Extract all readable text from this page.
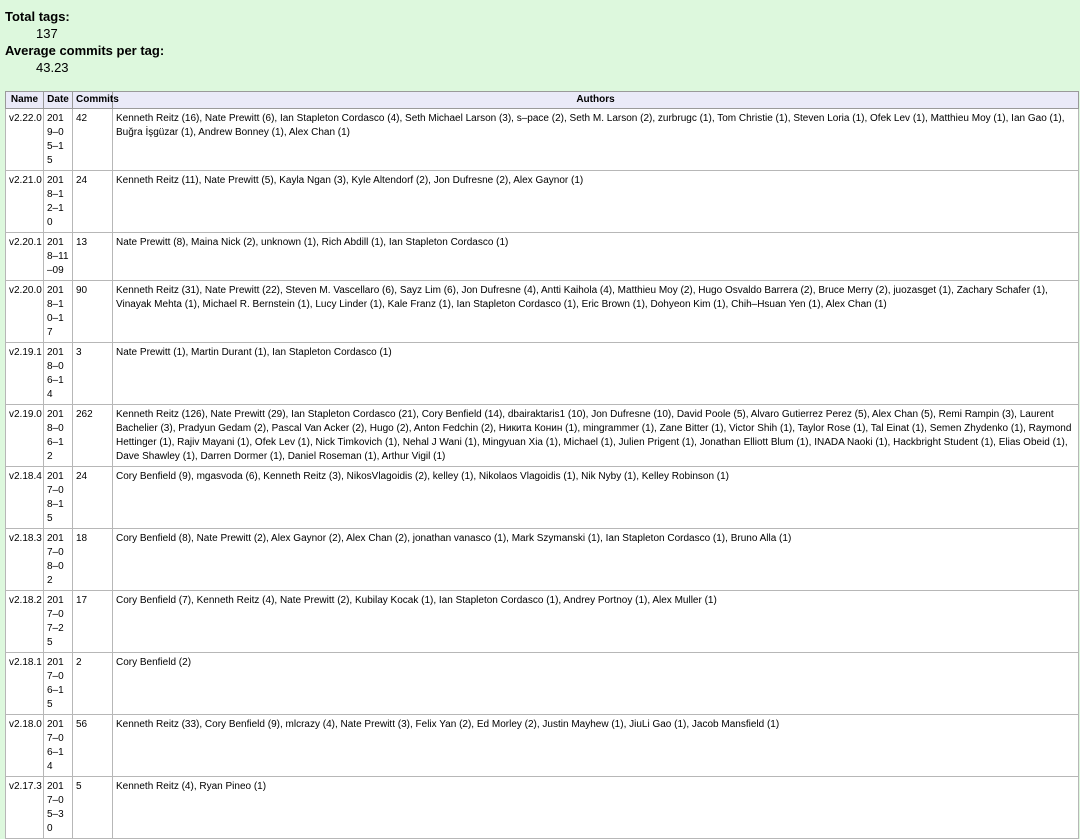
Total tags:
137
Average commits per tag:
43.23
Name	Date	Commits	Authors
v2.22.0	2019–05–15	42	Kenneth Reitz (16), Nate Prewitt (6), Ian Stapleton Cordasco (4), Seth Michael Larson (3), s–pace (2), Seth M. Larson (2), zurbrugc (1), Tom Christie (1), Steven Loria (1), Ofek Lev (1), Matthieu Moy (1), Ian Gao (1), Buğra İşgüzar (1), Andrew Bonney (1), Alex Chan (1)
v2.21.0	2018–12–10	24	Kenneth Reitz (11), Nate Prewitt (5), Kayla Ngan (3), Kyle Altendorf (2), Jon Dufresne (2), Alex Gaynor (1)
v2.20.1	2018–11–09	13	Nate Prewitt (8), Maina Nick (2), unknown (1), Rich Abdill (1), Ian Stapleton Cordasco (1)
v2.20.0	2018–10–17	90	Kenneth Reitz (31), Nate Prewitt (22), Steven M. Vascellaro (6), Sayz Lim (6), Jon Dufresne (4), Antti Kaihola (4), Matthieu Moy (2), Hugo Osvaldo Barrera (2), Bruce Merry (2), juozasget (1), Zachary Schafer (1), Vinayak Mehta (1), Michael R. Bernstein (1), Lucy Linder (1), Kale Franz (1), Ian Stapleton Cordasco (1), Eric Brown (1), Dohyeon Kim (1), Chih–Hsuan Yen (1), Alex Chan (1)
v2.19.1	2018–06–14	3	Nate Prewitt (1), Martin Durant (1), Ian Stapleton Cordasco (1)
v2.19.0	2018–06–12	262	Kenneth Reitz (126), Nate Prewitt (29), Ian Stapleton Cordasco (21), Cory Benfield (14), dbairaktaris1 (10), Jon Dufresne (10), David Poole (5), Alvaro Gutierrez Perez (5), Alex Chan (5), Remi Rampin (3), Laurent Bachelier (3), Pradyun Gedam (2), Pascal Van Acker (2), Hugo (2), Anton Fedchin (2), Никита Конин (1), mingrammer (1), Zane Bitter (1), Victor Shih (1), Taylor Rose (1), Tal Einat (1), Semen Zhydenko (1), Raymond Hettinger (1), Rajiv Mayani (1), Ofek Lev (1), Nick Timkovich (1), Nehal J Wani (1), Mingyuan Xia (1), Michael (1), Julien Prigent (1), Jonathan Elliott Blum (1), INADA Naoki (1), Hackbright Student (1), Elias Obeid (1), Dave Shawley (1), Darren Dormer (1), Daniel Roseman (1), Arthur Vigil (1)
v2.18.4	2017–08–15	24	Cory Benfield (9), mgasvoda (6), Kenneth Reitz (3), NikosVlagoidis (2), kelley (1), Nikolaos Vlagoidis (1), Nik Nyby (1), Kelley Robinson (1)
v2.18.3	2017–08–02	18	Cory Benfield (8), Nate Prewitt (2), Alex Gaynor (2), Alex Chan (2), jonathan vanasco (1), Mark Szymanski (1), Ian Stapleton Cordasco (1), Bruno Alla (1)
v2.18.2	2017–07–25	17	Cory Benfield (7), Kenneth Reitz (4), Nate Prewitt (2), Kubilay Kocak (1), Ian Stapleton Cordasco (1), Andrey Portnoy (1), Alex Muller (1)
v2.18.1	2017–06–15	2	Cory Benfield (2)
v2.18.0	2017–06–14	56	Kenneth Reitz (33), Cory Benfield (9), mlcrazy (4), Nate Prewitt (3), Felix Yan (2), Ed Morley (2), Justin Mayhew (1), JiuLi Gao (1), Jacob Mansfield (1)
v2.17.3	2017–05–30	5	Kenneth Reitz (4), Ryan Pineo (1)
